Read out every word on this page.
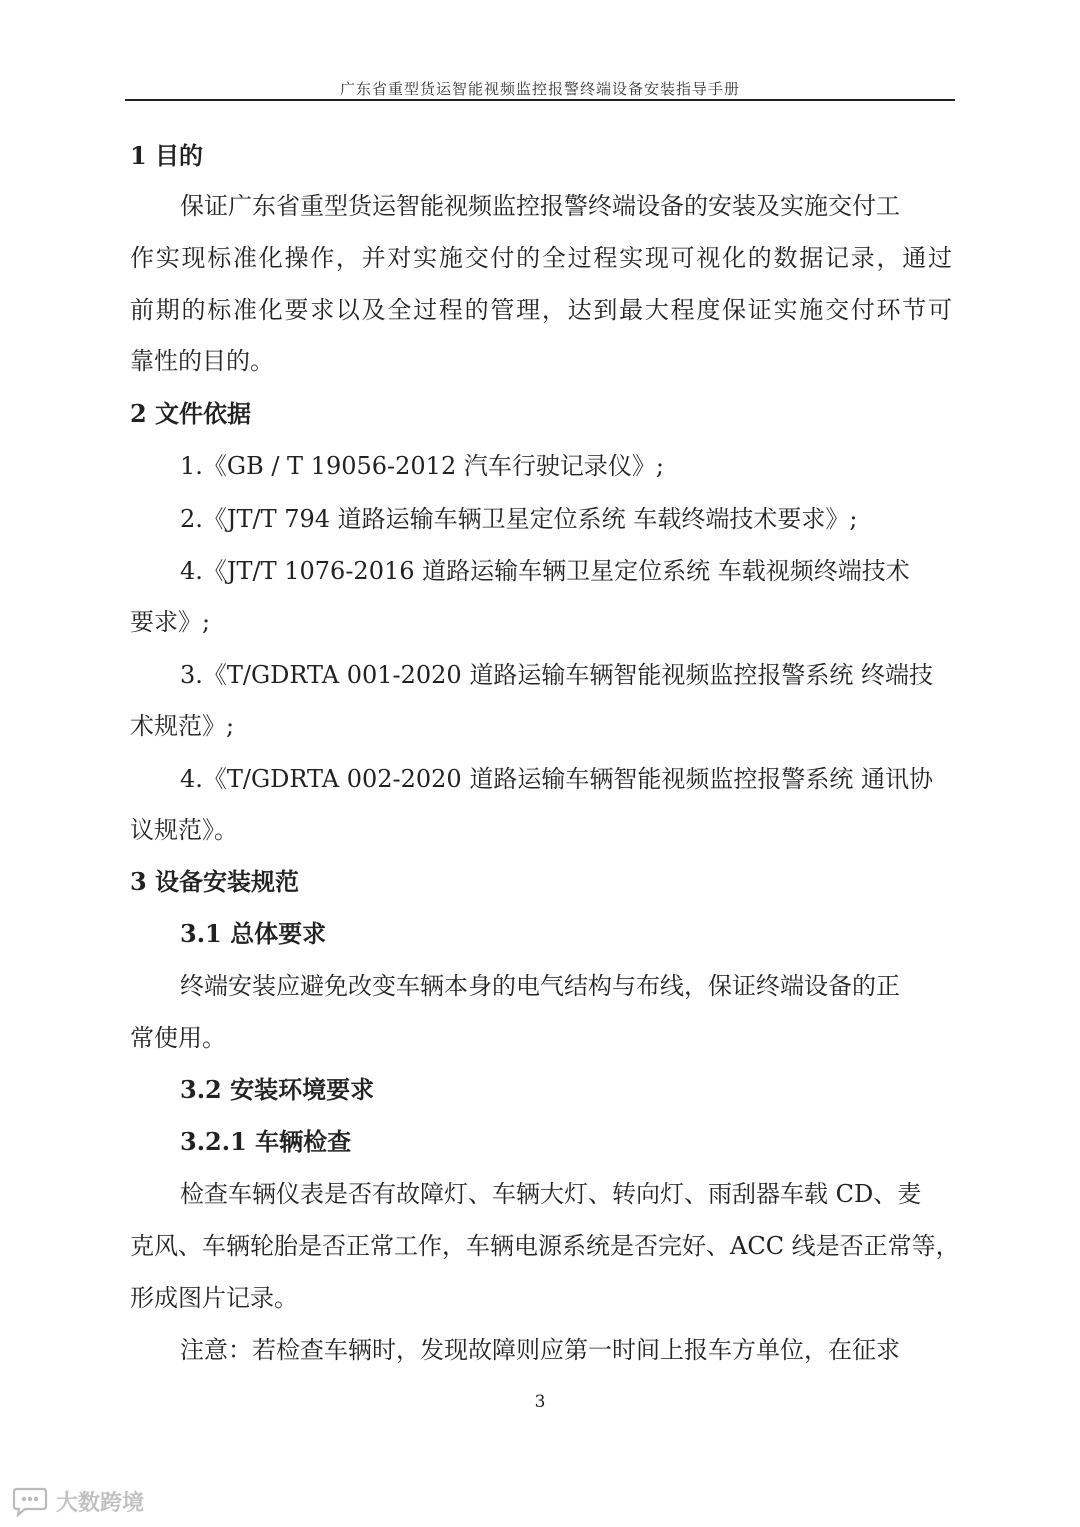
广东省重型货运智能视频监控报警终端设备安装指导手册

1 目的

保证广东省重型货运智能视频监控报警终端设备的安装及实施交付工

作实现标准化操作，并对实施交付的全过程实现可视化的数据记录，通过

前期的标准化要求以及全过程的管理，达到最大程度保证实施交付环节可

靠性的目的。

2 文件依据

1.《GB / T 19056-2012 汽车行驶记录仪》;

2.《JT/T 794 道路运输车辆卫星定位系统 车载终端技术要求》;

4.《JT/T 1076-2016 道路运输车辆卫星定位系统 车载视频终端技术

要求》;

3.《T/GDRTA 001-2020 道路运输车辆智能视频监控报警系统 终端技

术规范》;

4.《T/GDRTA 002-2020 道路运输车辆智能视频监控报警系统 通讯协

议规范》。

3 设备安装规范

3.1 总体要求

终端安装应避免改变车辆本身的电气结构与布线，保证终端设备的正

常使用。

3.2 安装环境要求

3.2.1 车辆检查

检查车辆仪表是否有故障灯、车辆大灯、转向灯、雨刮器车载 CD、麦

克风、车辆轮胎是否正常工作，车辆电源系统是否完好、ACC 线是否正常等，

形成图片记录。

注意：若检查车辆时，发现故障则应第一时间上报车方单位，在征求

3
大数跨境
